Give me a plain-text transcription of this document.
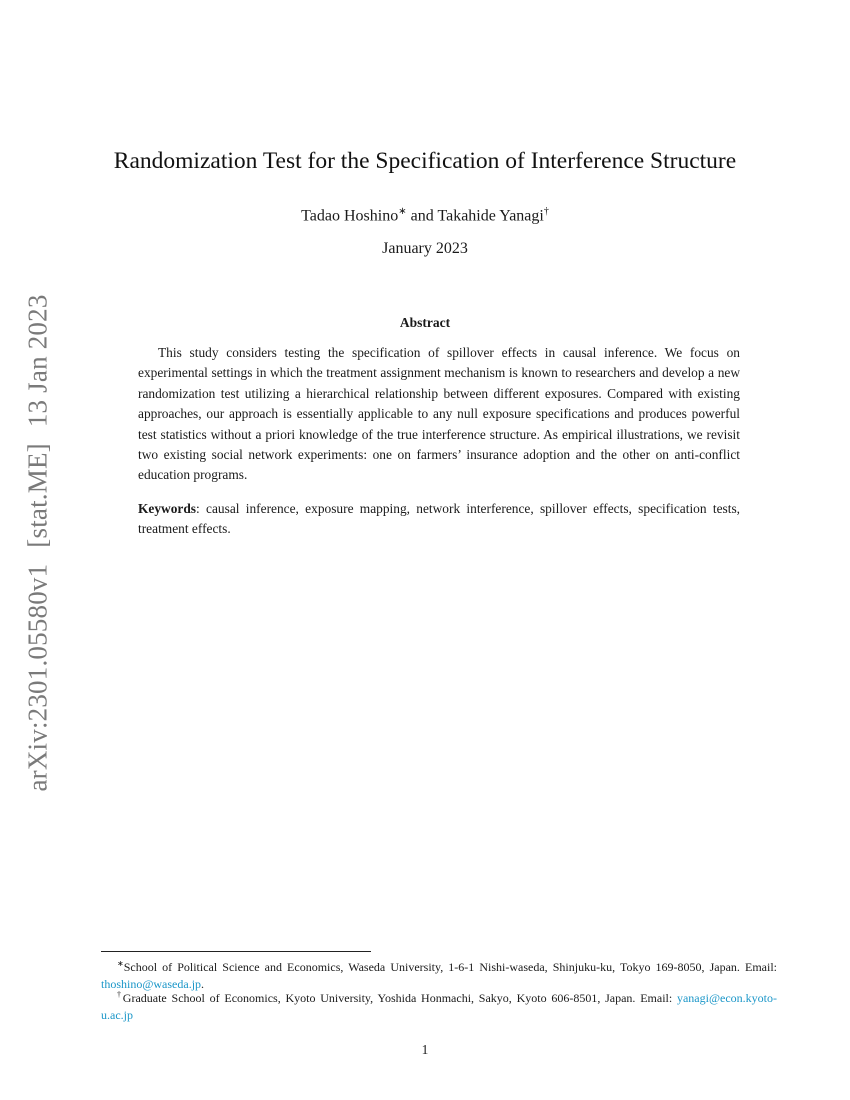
arXiv:2301.05580v1[stat.ME]13 Jan 2023
Randomization Test for the Specification of Interference Structure
Tadao Hoshino∗ and Takahide Yanagi†
January 2023
Abstract

This study considers testing the specification of spillover effects in causal inference. We focus on experimental settings in which the treatment assignment mechanism is known to researchers and develop a new randomization test utilizing a hierarchical relationship between different exposures. Compared with existing approaches, our approach is essentially applicable to any null exposure specifications and produces powerful test statistics without a priori knowledge of the true interference structure. As empirical illustrations, we revisit two existing social network experiments: one on farmers’ insurance adoption and the other on anti-conflict education programs.

Keywords: causal inference, exposure mapping, network interference, spillover effects, specification tests, treatment effects.

∗School of Political Science and Economics, Waseda University, 1-6-1 Nishi-waseda, Shinjuku-ku, Tokyo 169-8050, Japan. Email: thoshino@waseda.jp.

†Graduate School of Economics, Kyoto University, Yoshida Honmachi, Sakyo, Kyoto 606-8501, Japan. Email: yanagi@econ.kyoto-u.ac.jp

1
